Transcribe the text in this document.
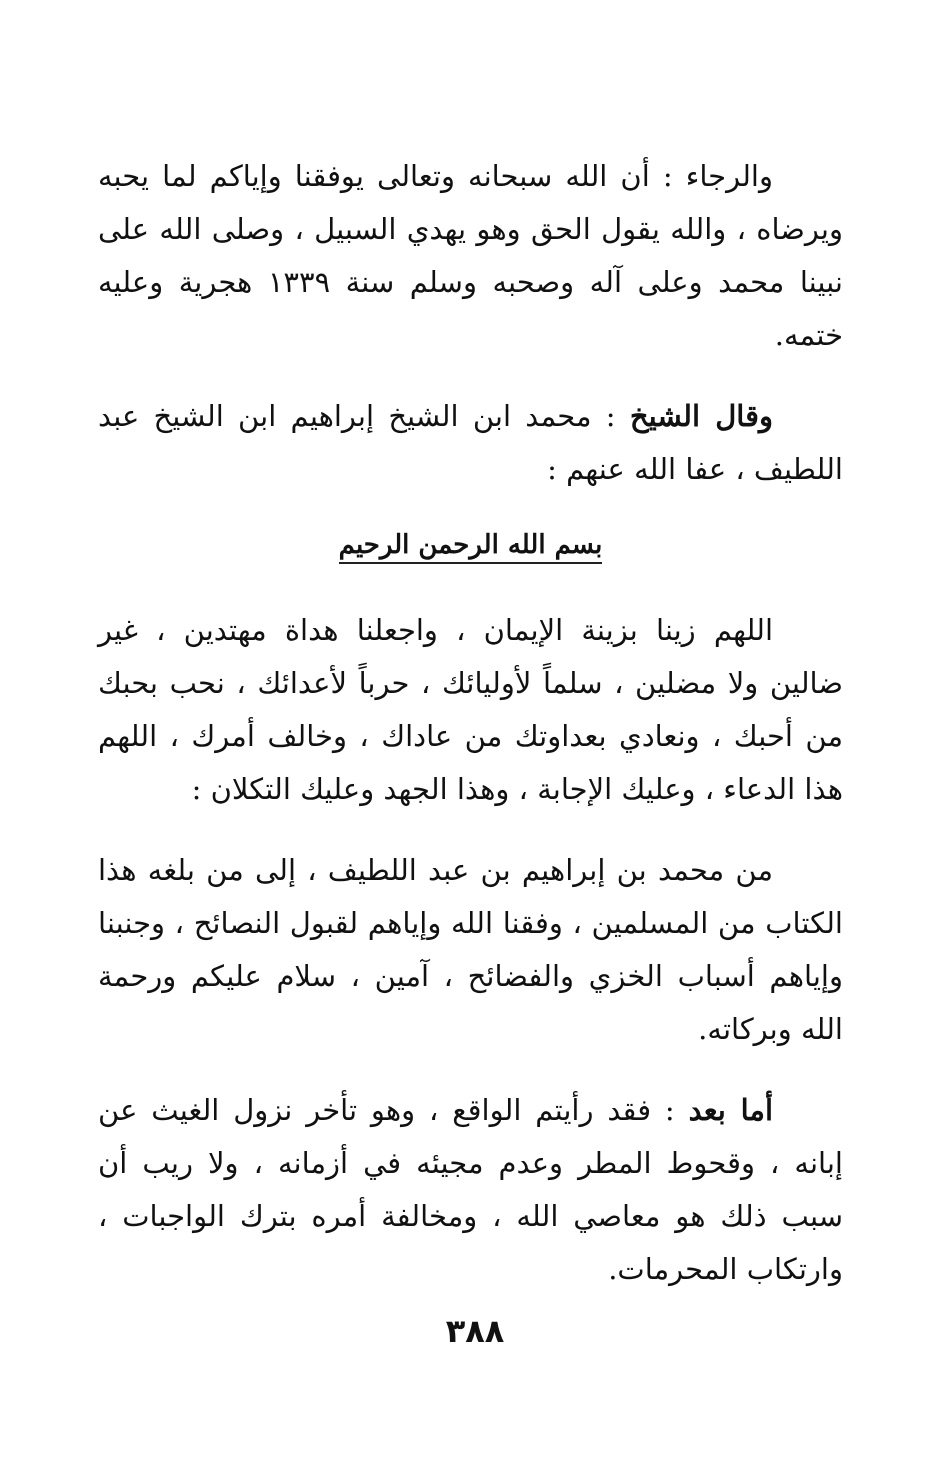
والرجاء : أن الله سبحانه وتعالى يوفقنا وإياكم لما يحبه ويرضاه ، والله يقول الحق وهو يهدي السبيل ، وصلى الله على نبينا محمد وعلى آله وصحبه وسلم سنة ١٣٣٩ هجرية وعليه ختمه.

وقال الشيخ : محمد ابن الشيخ إبراهيم ابن الشيخ عبد اللطيف ، عفا الله عنهم :

بسم الله الرحمن الرحيم

اللهم زينا بزينة الإيمان ، واجعلنا هداة مهتدين ، غير ضالين ولا مضلين ، سلماً لأوليائك ، حرباً لأعدائك ، نحب بحبك من أحبك ، ونعادي بعداوتك من عاداك ، وخالف أمرك ، اللهم هذا الدعاء ، وعليك الإجابة ، وهذا الجهد وعليك التكلان :

من محمد بن إبراهيم بن عبد اللطيف ، إلى من بلغه هذا الكتاب من المسلمين ، وفقنا الله وإياهم لقبول النصائح ، وجنبنا وإياهم أسباب الخزي والفضائح ، آمين ، سلام عليكم ورحمة الله وبركاته.

أما بعد : فقد رأيتم الواقع ، وهو تأخر نزول الغيث عن إبانه ، وقحوط المطر وعدم مجيئه في أزمانه ، ولا ريب أن سبب ذلك هو معاصي الله ، ومخالفة أمره بترك الواجبات ، وارتكاب المحرمات.

٣٨٨
